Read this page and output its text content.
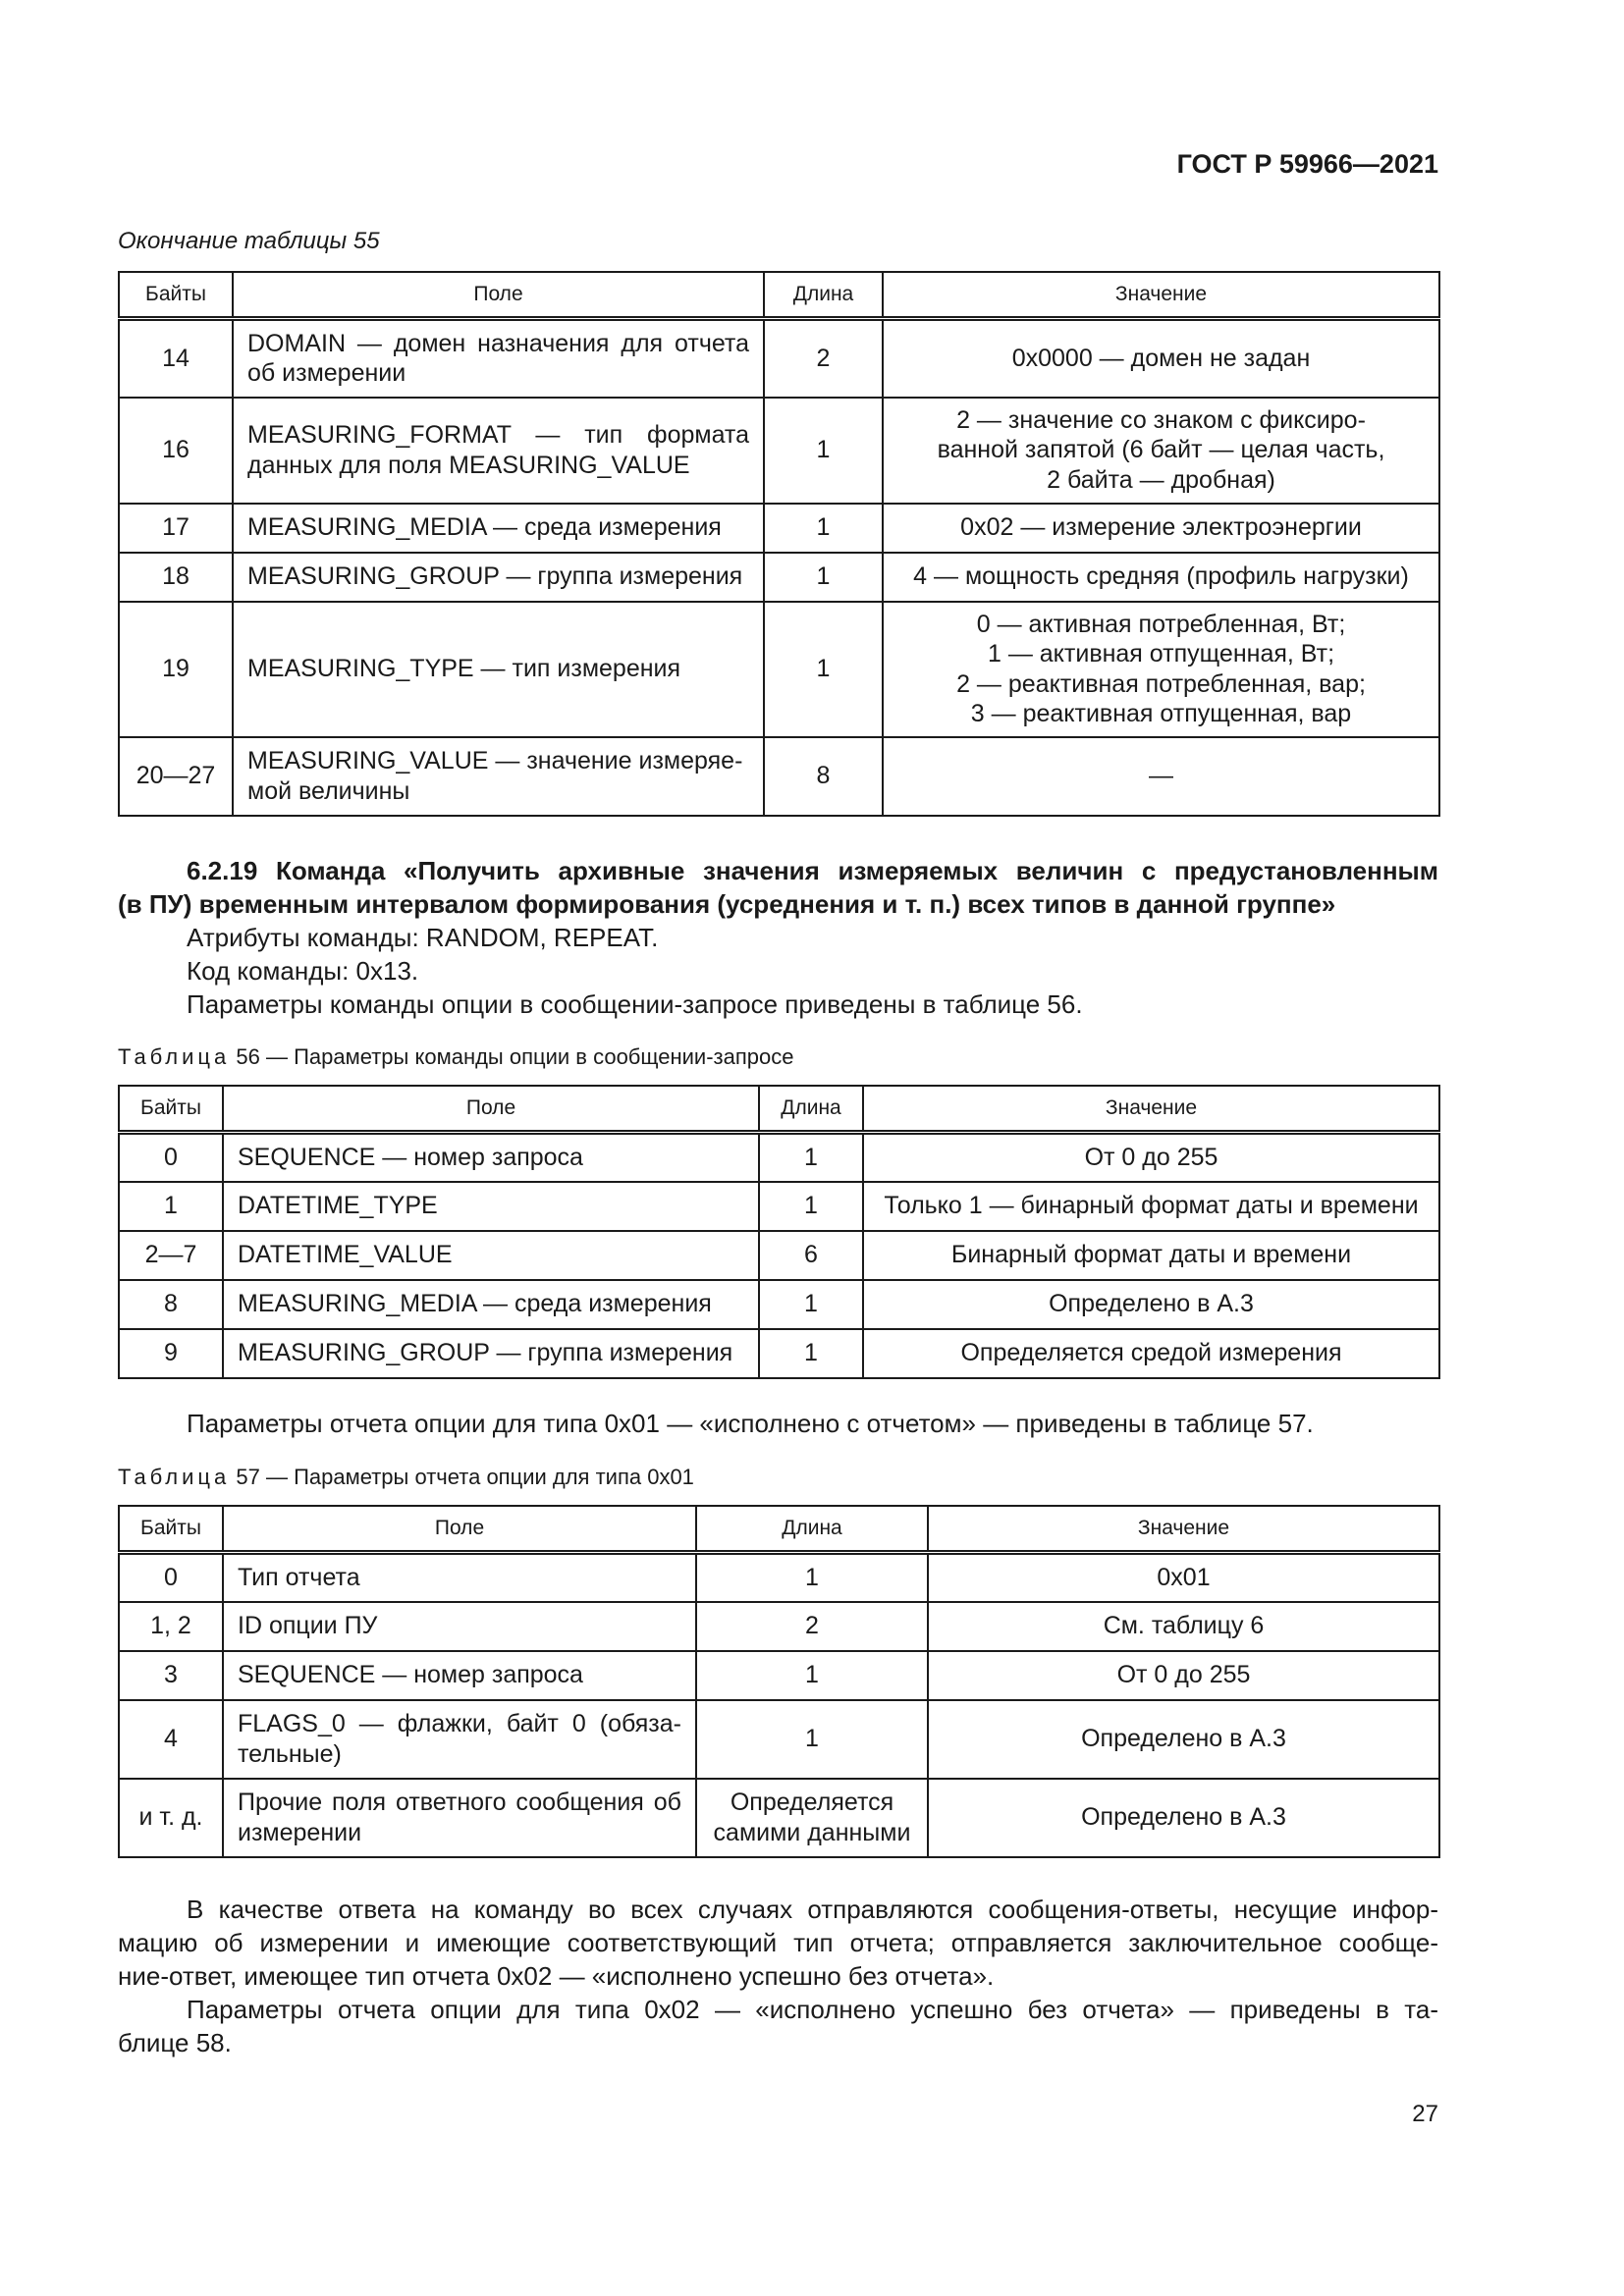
ГОСТ Р 59966—2021
Окончание таблицы 55
Байты	Поле	Длина	Значение
14	DOMAIN — домен назначения для отчета
об измерении	2	0x0000 — домен не задан

16	MEASURING_FORMAT — тип формата
данных для поля MEASURING_VALUE	1	2 — значение со знаком с фиксиро-
ванной запятой (6 байт — целая часть,
2 байта — дробная)

17	MEASURING_MEDIA — среда измерения	1	0x02 — измерение электроэнергии

18	MEASURING_GROUP — группа измерения	1	4 — мощность средняя (профиль нагрузки)

19	MEASURING_TYPE — тип измерения	1	0 — активная потребленная, Вт;
1 — активная отпущенная, Вт;
2 — реактивная потребленная, вар;
3 — реактивная отпущенная, вар

20—27	MEASURING_VALUE — значение измеряе-
мой величины	8	—
6.2.19 Команда «Получить архивные значения измеряемых величин с предустановленным
(в ПУ) временным интервалом формирования (усреднения и т. п.) всех типов в данной группе»
Атрибуты команды: RANDOM, REPEAT.
Код команды: 0x13.
Параметры команды опции в сообщении-запросе приведены в таблице 56.
Таблица 56 — Параметры команды опции в сообщении-запросе
Байты	Поле	Длина	Значение
0	SEQUENCE — номер запроса	1	От 0 до 255
1	DATETIME_TYPE	1	Только 1 — бинарный формат даты и времени
2—7	DATETIME_VALUE	6	Бинарный формат даты и времени
8	MEASURING_MEDIA — среда измерения	1	Определено в А.3
9	MEASURING_GROUP — группа измерения	1	Определяется средой измерения
Параметры отчета опции для типа 0x01 — «исполнено с отчетом» — приведены в таблице 57.
Таблица 57 — Параметры отчета опции для типа 0x01
Байты	Поле	Длина	Значение
0	Тип отчета	1	0x01
1, 2	ID опции ПУ	2	См. таблицу 6
3	SEQUENCE — номер запроса	1	От 0 до 255
4	FLAGS_0 — флажки, байт 0 (обяза-
тельные)	1	Определено в А.3
и т. д.	Прочие поля ответного сообщения об
измерении	Определяется
самими данными	Определено в А.3
В качестве ответа на команду во всех случаях отправляются сообщения-ответы, несущие инфор-
мацию об измерении и имеющие соответствующий тип отчета; отправляется заключительное сообще-
ние-ответ, имеющее тип отчета 0x02 — «исполнено успешно без отчета».
Параметры отчета опции для типа 0x02 — «исполнено успешно без отчета» — приведены в та-
блице 58.
27
